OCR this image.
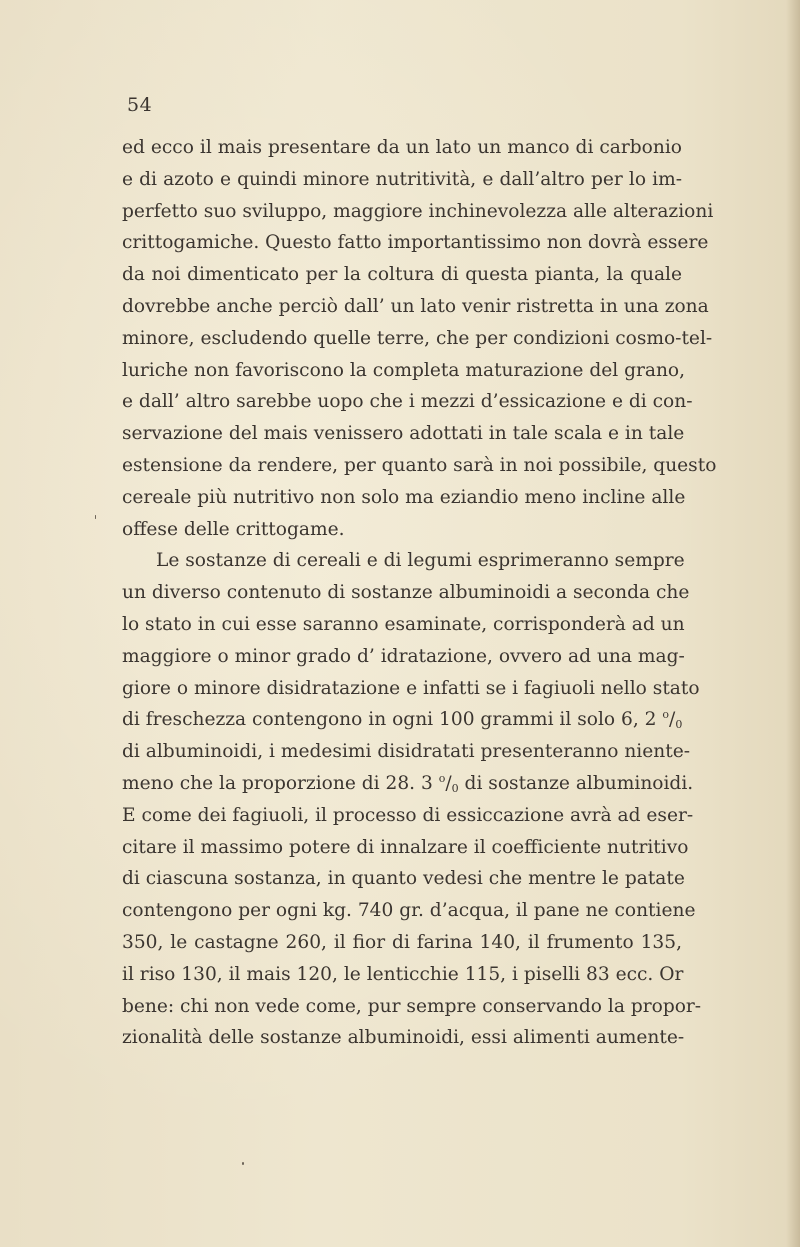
54
ed ecco il mais presentare da un lato un manco di carbonio
e di azoto e quindi minore nutritività, e dall’altro per lo im-
perfetto suo sviluppo, maggiore inchinevolezza alle alterazioni
crittogamiche. Questo fatto importantissimo non dovrà essere
da noi dimenticato per la coltura di questa pianta, la quale
dovrebbe anche perciò dall’ un lato venir ristretta in una zona
minore, escludendo quelle terre, che per condizioni cosmo-tel-
luriche non favoriscono la completa maturazione del grano,
e dall’ altro sarebbe uopo che i mezzi d’essicazione e di con-
servazione del mais venissero adottati in tale scala e in tale
estensione da rendere, per quanto sarà in noi possibile, questo
cereale più nutritivo non solo ma eziandio meno incline alle
offese delle crittogame.
Le sostanze di cereali e di legumi esprimeranno sempre
un diverso contenuto di sostanze albuminoidi a seconda che
lo stato in cui esse saranno esaminate, corrisponderà ad un
maggiore o minor grado d’ idratazione, ovvero ad una mag-
giore o minore disidratazione e infatti se i fagiuoli nello stato
di freschezza contengono in ogni 100 grammi il solo 6, 2 $^o/_0$
di albuminoidi, i medesimi disidratati presenteranno niente-
meno che la proporzione di 28. 3 $^o/_0$ di sostanze albuminoidi.
E come dei fagiuoli, il processo di essiccazione avrà ad eser-
citare il massimo potere di innalzare il coefficiente nutritivo
di ciascuna sostanza, in quanto vedesi che mentre le patate
contengono per ogni kg. 740 gr. d’acqua, il pane ne contiene
350, le castagne 260, il fior di farina 140, il frumento 135,
il riso 130, il mais 120, le lenticchie 115, i piselli 83 ecc. Or
bene: chi non vede come, pur sempre conservando la propor-
zionalità delle sostanze albuminoidi, essi alimenti aumente-
